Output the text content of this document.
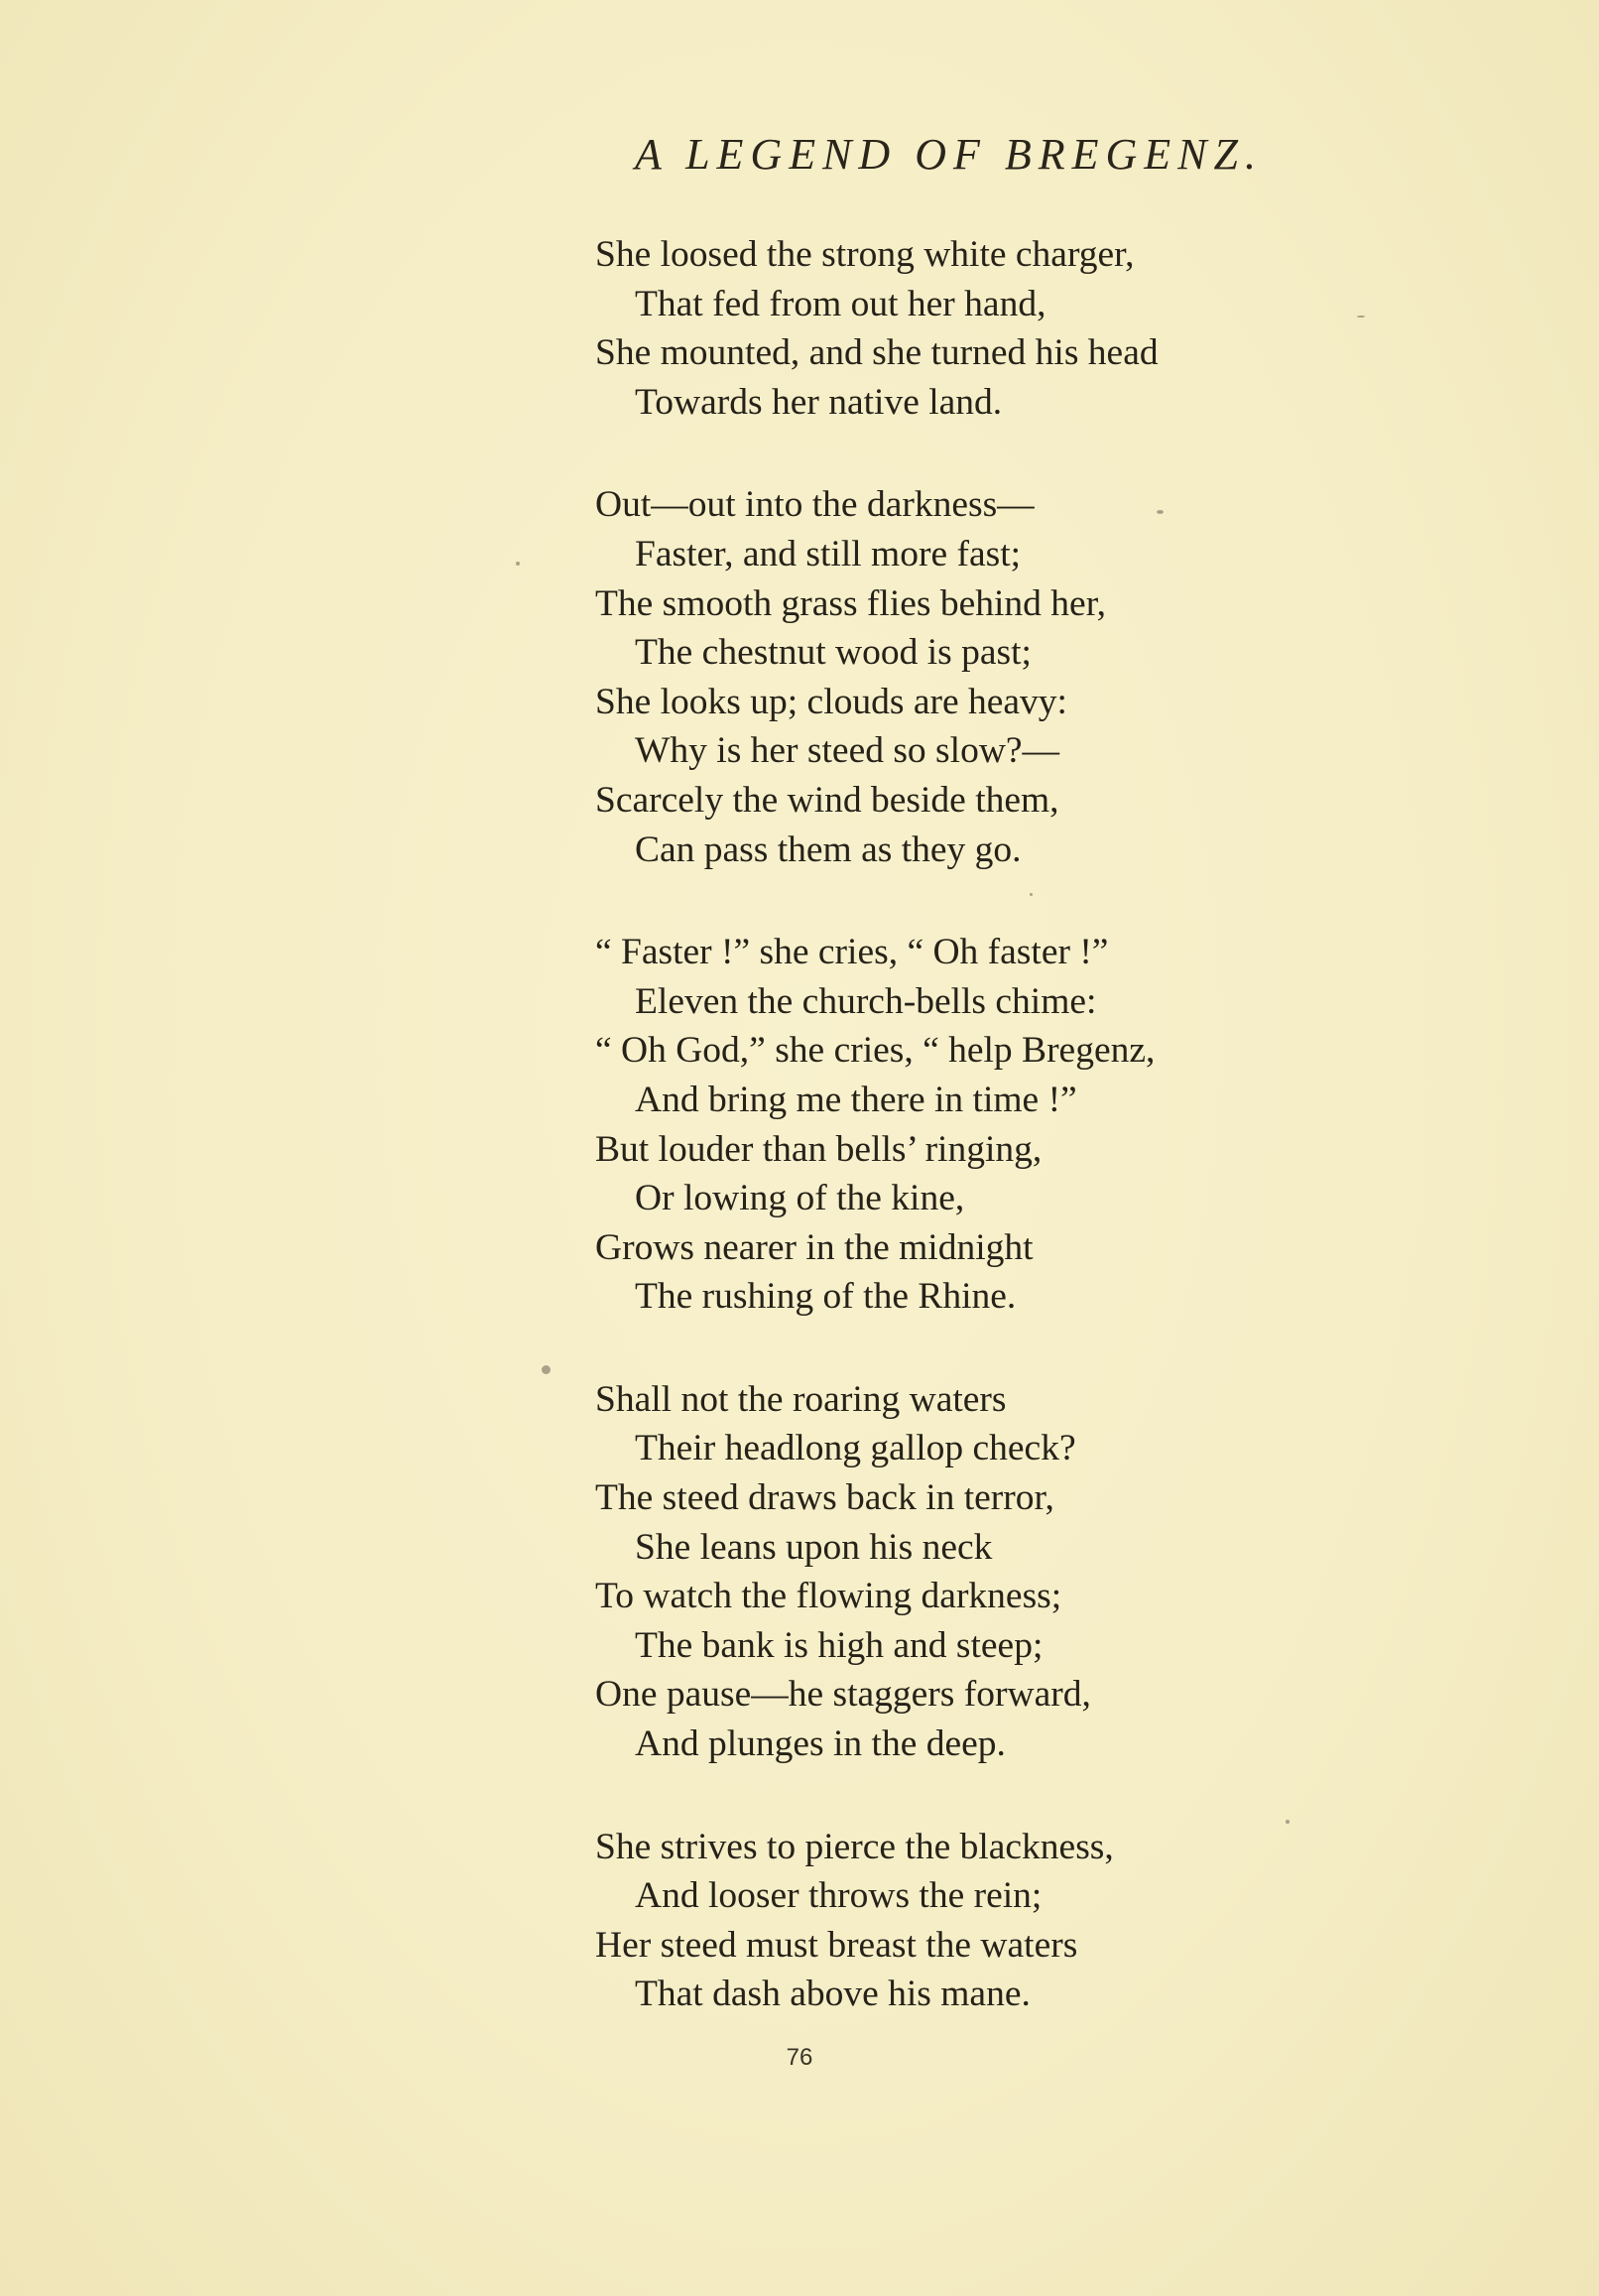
A LEGEND OF BREGENZ.
She loosed the strong white charger,
That fed from out her hand,
She mounted, and she turned his head
Towards her native land.
Out—out into the darkness—
Faster, and still more fast;
The smooth grass flies behind her,
The chestnut wood is past;
She looks up; clouds are heavy:
Why is her steed so slow?—
Scarcely the wind beside them,
Can pass them as they go.
“ Faster !” she cries, “ Oh faster !”
Eleven the church-bells chime:
“ Oh God,” she cries, “ help Bregenz,
And bring me there in time !”
But louder than bells’ ringing,
Or lowing of the kine,
Grows nearer in the midnight
The rushing of the Rhine.
Shall not the roaring waters
Their headlong gallop check?
The steed draws back in terror,
She leans upon his neck
To watch the flowing darkness;
The bank is high and steep;
One pause—he staggers forward,
And plunges in the deep.
She strives to pierce the blackness,
And looser throws the rein;
Her steed must breast the waters
That dash above his mane.
76
